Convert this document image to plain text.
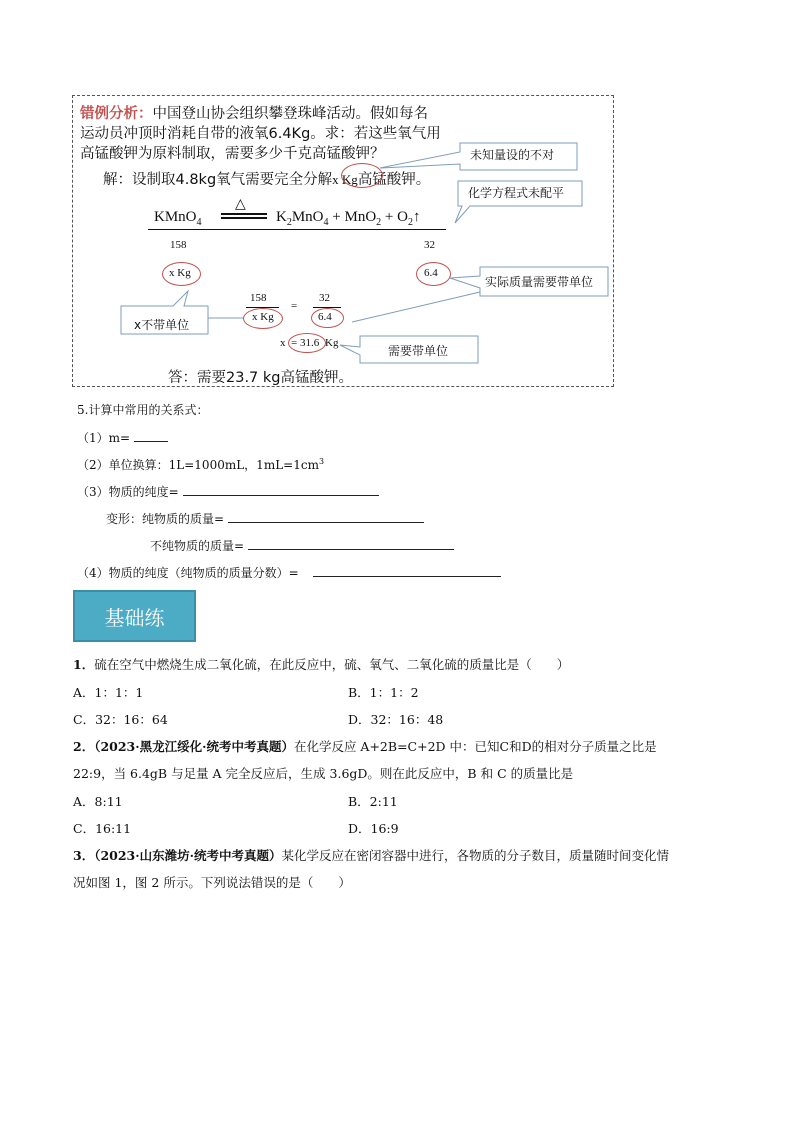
错例分析：中国登山协会组织攀登珠峰活动。假如每名
运动员冲顶时消耗自带的液氧6.4Kg。求：若这些氧气用
高锰酸钾为原料制取，需要多少千克高锰酸钾？
解：设制取4.8kg氧气需要完全分解x Kg高锰酸钾。
未知量设的不对
化学方程式未配平
KMnO$_4$
△
$K_2MnO_4 + MnO_2$ + $O_2↑$
158	32
x Kg	6.4
实际质量需要带单位
x不带单位
158
x Kg
=
32
6.4
x = 31.6 Kg
需要带单位
答：需要23.7 kg高锰酸钾。
5.计算中常用的关系式：
（1）m=
（2）单位换算：1L=1000mL，$1mL=1cm^3$
（3）物质的纯度=
变形：纯物质的质量=
不纯物质的质量=
（4）物质的纯度（纯物质的质量分数）=
基础练
1．硫在空气中燃烧生成二氧化硫，在此反应中，硫、氧气、二氧化硫的质量比是（　　）
A．1：1：1	B．1：1：2
C．32：16：64	D．32：16：48
2．（2023·黑龙江绥化·统考中考真题）在化学反应 A+2B=C+2D 中：已知C和D的相对分子质量之比是
22:9，当 6.4gB 与足量 A 完全反应后，生成 3.6gD。则在此反应中，B 和 C 的质量比是
A．8:11	B．2:11
C．16:11	D．16:9
3．（2023·山东潍坊·统考中考真题）某化学反应在密闭容器中进行，各物质的分子数目，质量随时间变化情
况如图 1，图 2 所示。下列说法错误的是（　　）
